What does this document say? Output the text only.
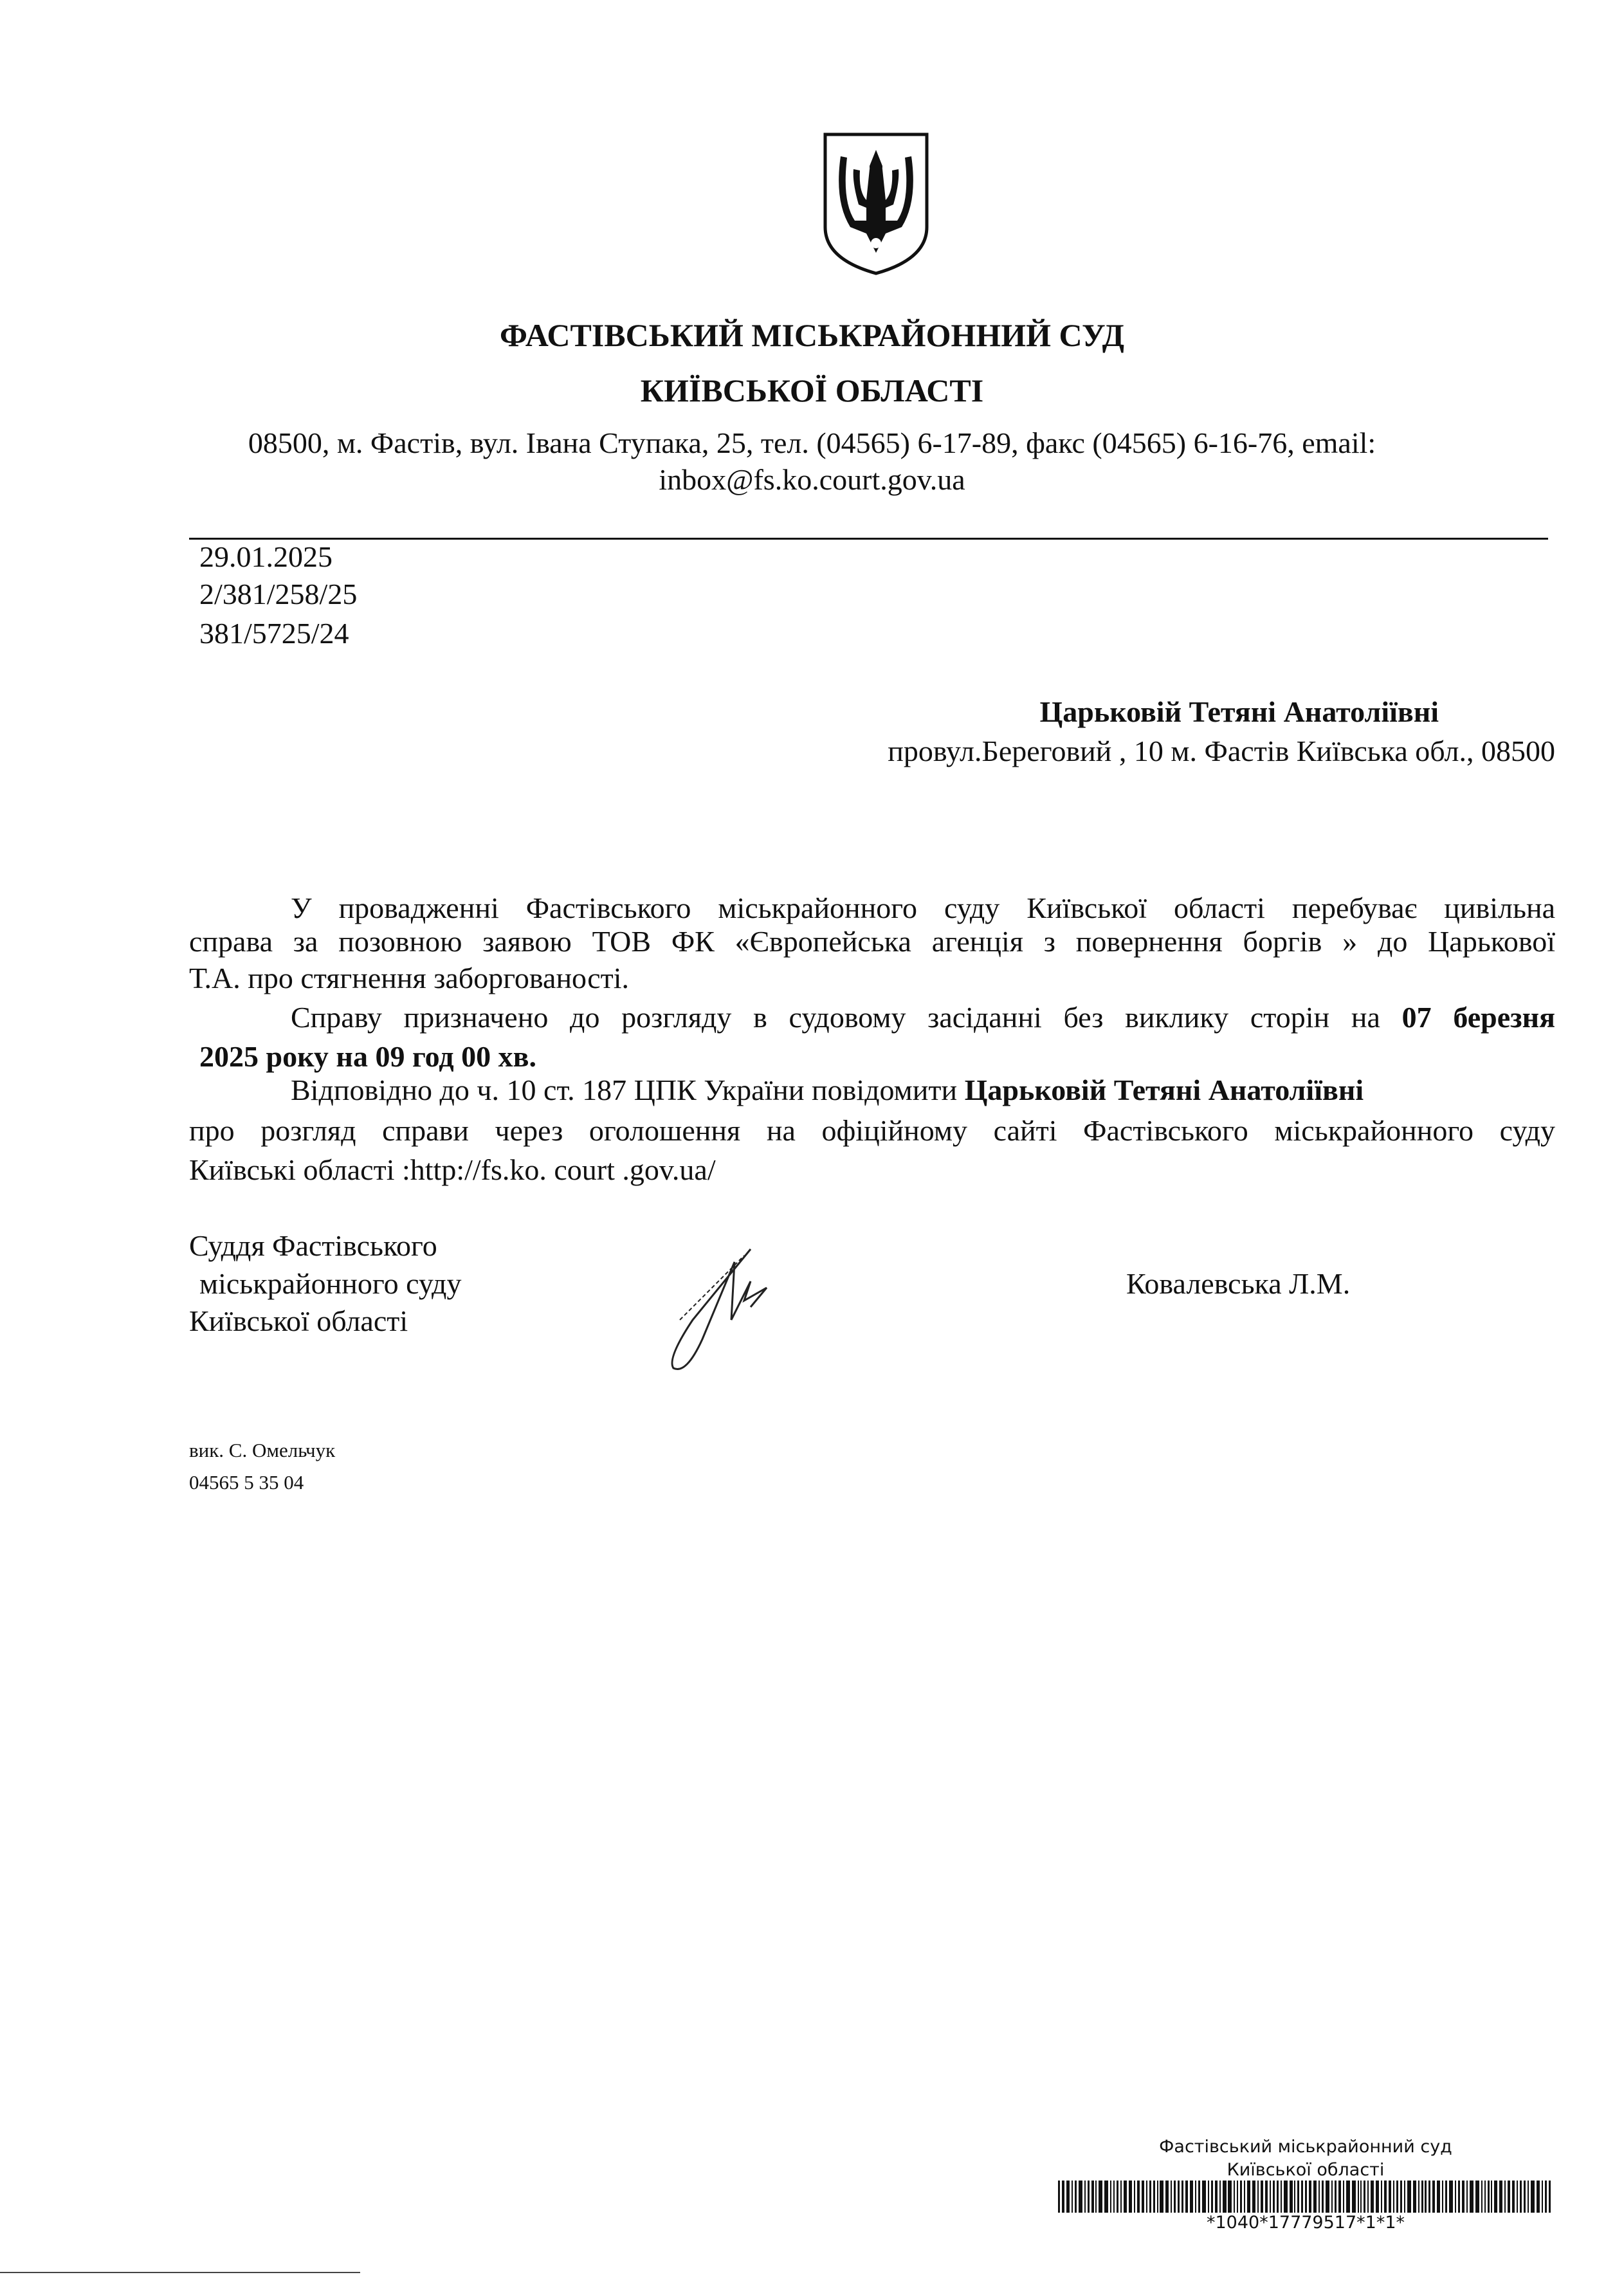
ФАСТІВСЬКИЙ МІСЬКРАЙОННИЙ СУД
КИЇВСЬКОЇ ОБЛАСТІ
08500, м. Фастів, вул. Івана Ступака, 25, тел. (04565) 6-17-89, факс (04565) 6-16-76, email:
inbox@fs.ko.court.gov.ua
29.01.2025
2/381/258/25
381/5725/24
Царьковій Тетяні Анатоліївні
провул.Береговий , 10 м. Фастів Київська обл., 08500
У провадженні Фастівського міськрайонного суду Київської області перебуває цивільна
справа за позовною заявою ТОВ ФК «Європейська агенція з повернення боргів » до Царькової
Т.А. про стягнення заборгованості.
Справу призначено до розгляду в судовому засіданні без виклику сторін на 07 березня
2025 року на 09 год 00 хв.
Відповідно до ч. 10 ст. 187 ЦПК України повідомити Царьковій Тетяні Анатоліївні
про розгляд справи через оголошення на офіційному сайті Фастівського міськрайонного суду
Київські області :http://fs.ko. court .gov.ua/
Суддя Фастівського
міськрайонного суду
Київської області
Ковалевська Л.М.
вик. С. Омельчук
04565 5 35 04
Фастівський міськрайонний суд
Київської області
*1040*17779517*1*1*
